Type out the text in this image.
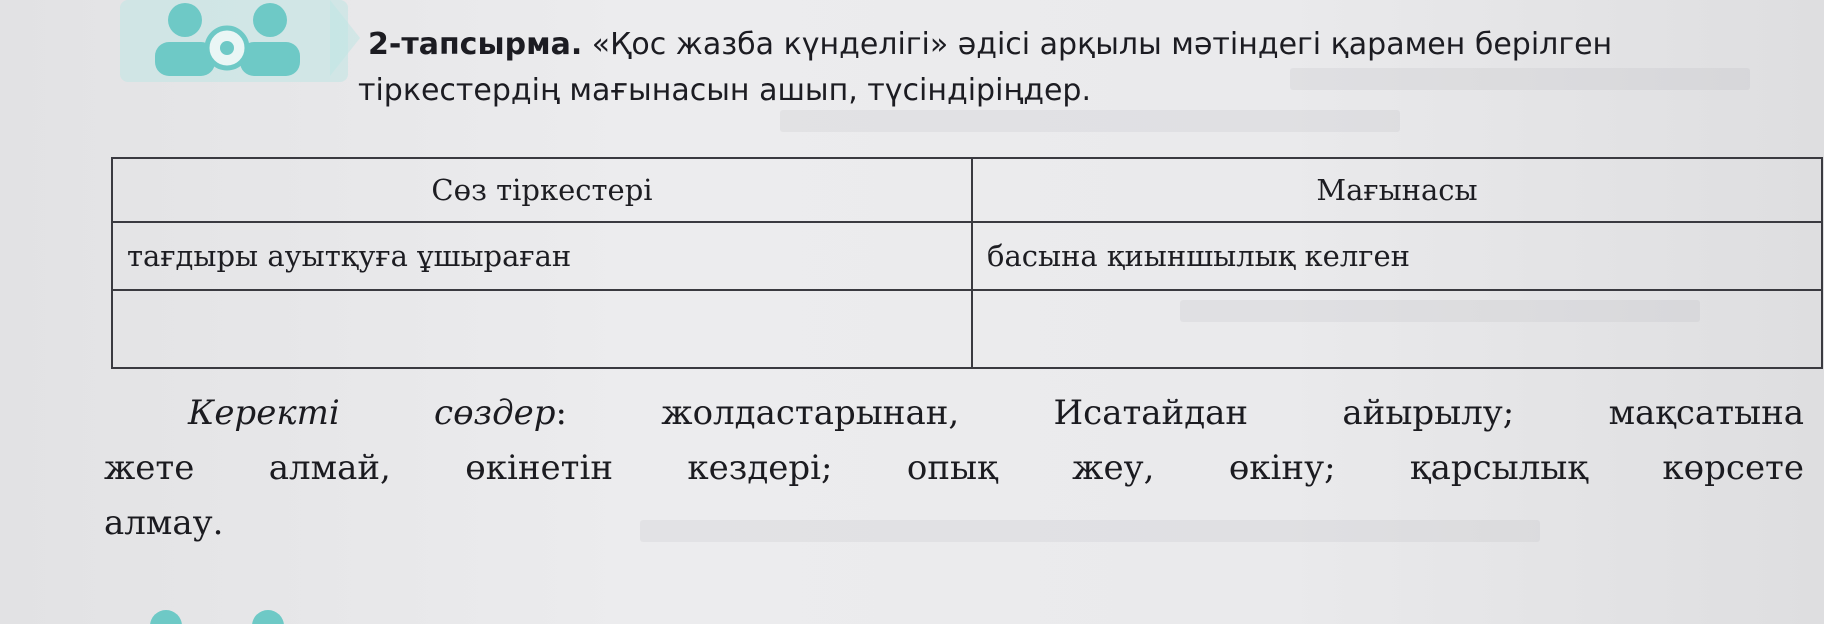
2-тапсырма. «Қос жазба күнделігі» әдісі арқылы мәтіндегі қарамен берілген
тіркестердің мағынасын ашып, түсіндіріңдер.
Сөз тіркестері	Мағынасы
тағдыры ауытқуға ұшыраған	басына қиыншылық келген

Керекті сөздер: жолдастарынан, Исатайдан айырылу; мақсатына
жете алмай, өкінетін кездері; опық жеу, өкіну; қарсылық көрсете
алмау.
